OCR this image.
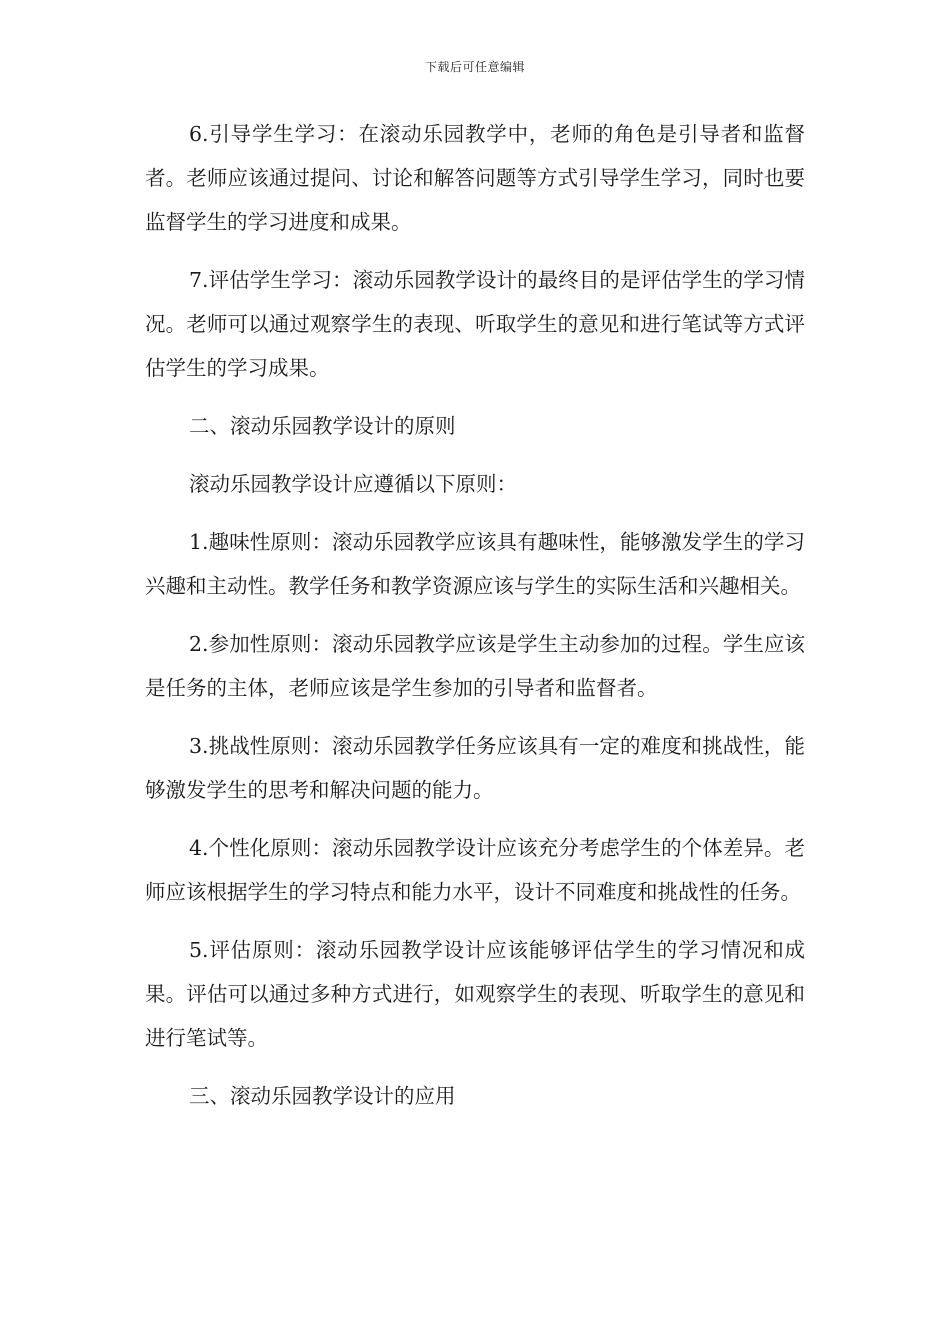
下载后可任意编辑

6.引导学生学习：在滚动乐园教学中，老师的角色是引导者和监督者。老师应该通过提问、讨论和解答问题等方式引导学生学习，同时也要监督学生的学习进度和成果。

7.评估学生学习：滚动乐园教学设计的最终目的是评估学生的学习情况。老师可以通过观察学生的表现、听取学生的意见和进行笔试等方式评估学生的学习成果。

二、滚动乐园教学设计的原则

滚动乐园教学设计应遵循以下原则：

1.趣味性原则：滚动乐园教学应该具有趣味性，能够激发学生的学习兴趣和主动性。教学任务和教学资源应该与学生的实际生活和兴趣相关。

2.参加性原则：滚动乐园教学应该是学生主动参加的过程。学生应该是任务的主体，老师应该是学生参加的引导者和监督者。

3.挑战性原则：滚动乐园教学任务应该具有一定的难度和挑战性，能够激发学生的思考和解决问题的能力。

4.个性化原则：滚动乐园教学设计应该充分考虑学生的个体差异。老师应该根据学生的学习特点和能力水平，设计不同难度和挑战性的任务。

5.评估原则：滚动乐园教学设计应该能够评估学生的学习情况和成果。评估可以通过多种方式进行，如观察学生的表现、听取学生的意见和进行笔试等。

三、滚动乐园教学设计的应用
